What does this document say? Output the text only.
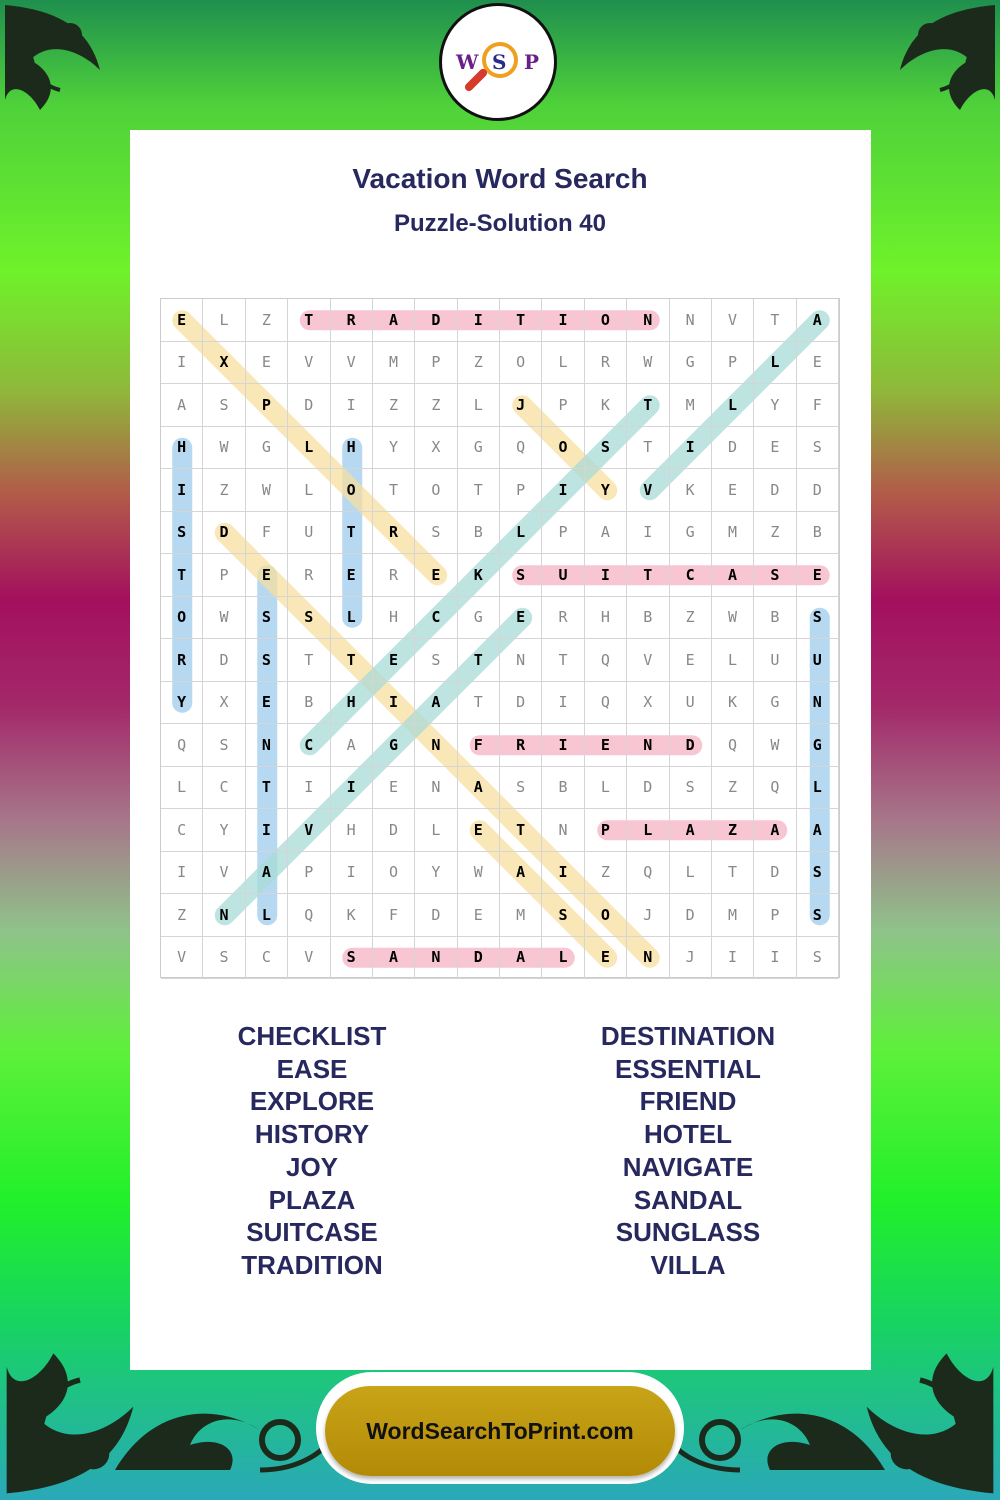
W S P
Vacation Word Search
Puzzle-Solution 40
E	L	Z	T	R	A	D	I	T	I	O	N	N	V	T	A
I	X	E	V	V	M	P	Z	O	L	R	W	G	P	L	E
A	S	P	D	I	Z	Z	L	J	P	K	T	M	L	Y	F
H	W	G	L	H	Y	X	G	Q	O	S	T	I	D	E	S
I	Z	W	L	O	T	O	T	P	I	Y	V	K	E	D	D
S	D	F	U	T	R	S	B	L	P	A	I	G	M	Z	B
T	P	E	R	E	R	E	K	S	U	I	T	C	A	S	E
O	W	S	S	L	H	C	G	E	R	H	B	Z	W	B	S
R	D	S	T	T	E	S	T	N	T	Q	V	E	L	U	U
Y	X	E	B	H	I	A	T	D	I	Q	X	U	K	G	N
Q	S	N	C	A	G	N	F	R	I	E	N	D	Q	W	G
L	C	T	I	I	E	N	A	S	B	L	D	S	Z	Q	L
C	Y	I	V	H	D	L	E	T	N	P	L	A	Z	A	A
I	V	A	P	I	O	Y	W	A	I	Z	Q	L	T	D	S
Z	N	L	Q	K	F	D	E	M	S	O	J	D	M	P	S
V	S	C	V	S	A	N	D	A	L	E	N	J	I	I	S
CHECKLIST
EASE
EXPLORE
HISTORY
JOY
PLAZA
SUITCASE
TRADITION
DESTINATION
ESSENTIAL
FRIEND
HOTEL
NAVIGATE
SANDAL
SUNGLASS
VILLA
WordSearchToPrint.com
